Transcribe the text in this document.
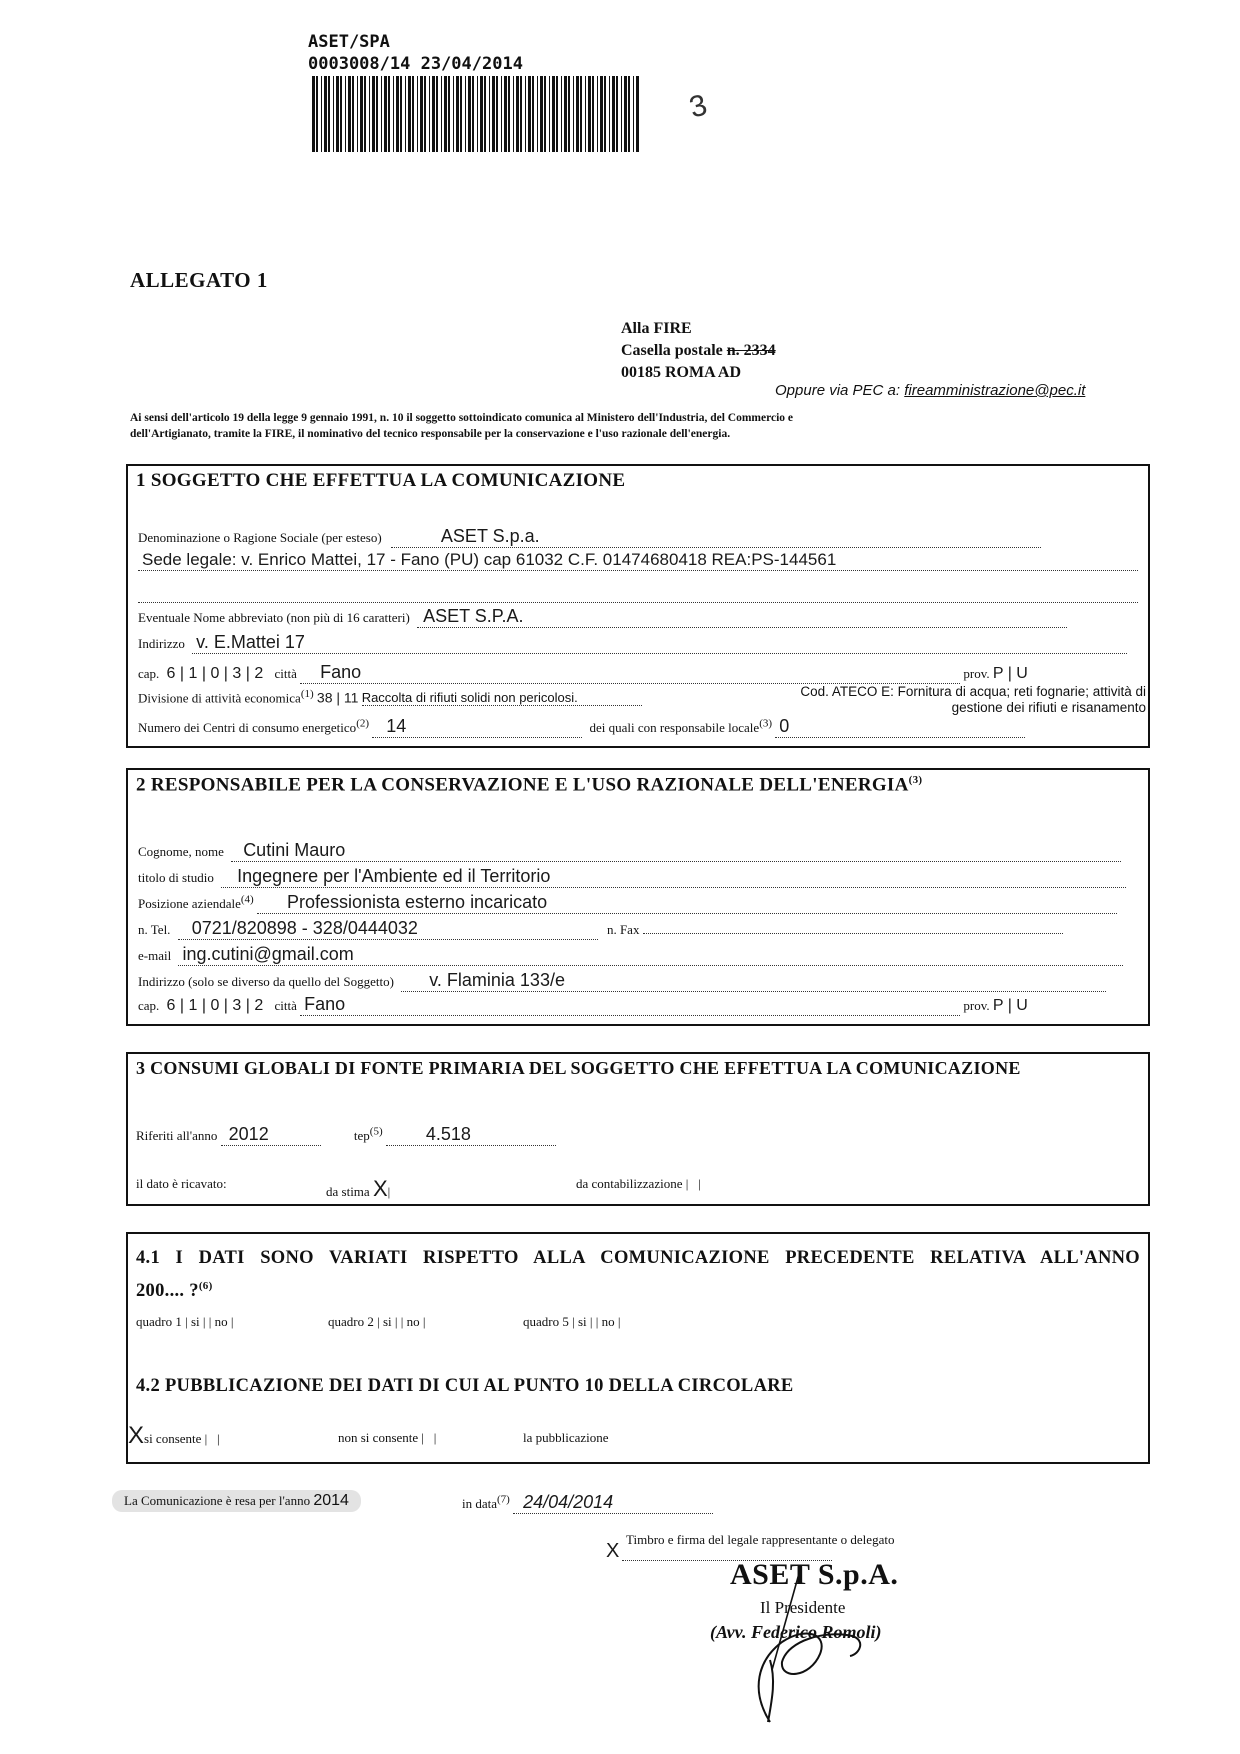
ASET/SPA
0003008/14 23/04/2014
3
ALLEGATO 1
Alla FIRE
Casella postale n. 2334
00185 ROMA AD
Oppure via PEC a: fireamministrazione@pec.it
Ai sensi dell'articolo 19 della legge 9 gennaio 1991, n. 10 il soggetto sottoindicato comunica al Ministero dell'Industria, del Commercio e
dell'Artigianato, tramite la FIRE, il nominativo del tecnico responsabile per la conservazione e l'uso razionale dell'energia.
1 SOGGETTO CHE EFFETTUA LA COMUNICAZIONE
Denominazione o Ragione Sociale (per esteso)	ASET S.p.a.
Sede legale: v. Enrico Mattei, 17 - Fano (PU) cap 61032 C.F. 01474680418 REA:PS-144561
Eventuale Nome abbreviato (non più di 16 caratteri) ASET S.P.A.
Indirizzo v. E.Mattei 17
cap. 6 | 1 | 0 | 3 | 2 città Fano	prov. P | U
Divisione di attività economica$^{(1)}$ 38 | 11 Raccolta di rifiuti solidi non pericolosi.	Cod. ATECO E: Fornitura di acqua; reti fognarie; attività di
gestione dei rifiuti e risanamento
Numero dei Centri di consumo energetico$^{(2)}$ 14	dei quali con responsabile locale$^{(3)}$ 0
2 RESPONSABILE PER LA CONSERVAZIONE E L'USO RAZIONALE DELL'ENERGIA$^{(3)}$
Cognome, nome Cutini Mauro
titolo di studio Ingegnere per l'Ambiente ed il Territorio
Posizione aziendale$^{(4)}$ Professionista esterno incaricato
n. Tel. 0721/820898 - 328/0444032	n. Fax
e-mail ing.cutini@gmail.com
Indirizzo (solo se diverso da quello del Soggetto) v. Flaminia 133/e
cap. 6 | 1 | 0 | 3 | 2 città Fano	prov. P | U
3 CONSUMI GLOBALI DI FONTE PRIMARIA DEL SOGGETTO CHE EFFETTUA LA COMUNICAZIONE
Riferiti all'anno 2012	tep$^{(5)}$ 4.518
il dato è ricavato:
da stima X|
da contabilizzazione |   |
4.1 I DATI SONO VARIATI RISPETTO ALLA COMUNICAZIONE PRECEDENTE RELATIVA ALL'ANNO
200.... ?$^{(6)}$
quadro 1 | si | | no |	quadro 2 | si | | no |	quadro 5 | si | | no |
4.2 PUBBLICAZIONE DEI DATI DI CUI AL PUNTO 10 DELLA CIRCOLARE
Xsi consente |   |	non si consente |   |	la pubblicazione
La Comunicazione è resa per l'anno 2014	in data$^{(7)}$ 24/04/2014
Timbro e firma del legale rappresentante o delegato
X
ASET S.p.A.
Il Presidente
(Avv. Federico Romoli)
